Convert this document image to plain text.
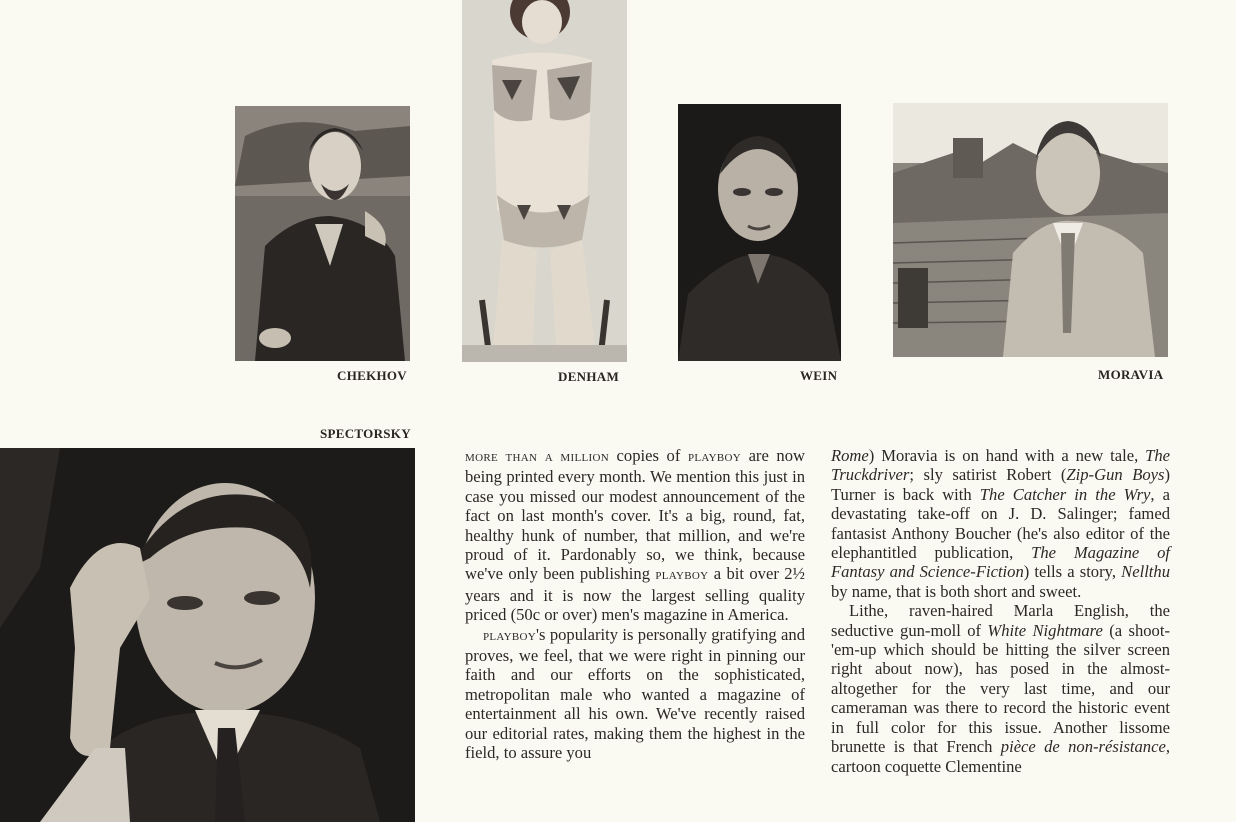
CHEKHOV	DENHAM	WEIN	MORAVIA
SPECTORSKY

more than a million copies of playboy are now being printed every month. We mention this just in case you missed our modest announcement of the fact on last month's cover. It's a big, round, fat, healthy hunk of number, that million, and we're proud of it. Pardonably so, we think, because we've only been publishing playboy a bit over 2½ years and it is now the largest selling quality priced (50c or over) men's magazine in America.

playboy's popularity is personally gratifying and proves, we feel, that we were right in pinning our faith and our efforts on the sophisticated, metropolitan male who wanted a magazine of entertainment all his own. We've recently raised our editorial rates, making them the highest in the field, to assure you

Rome) Moravia is on hand with a new tale, The Truckdriver; sly satirist Robert (Zip-Gun Boys) Turner is back with The Catcher in the Wry, a devastating take-off on J. D. Salinger; famed fantasist Anthony Boucher (he's also editor of the elephantitled publication, The Magazine of Fantasy and Science-Fiction) tells a story, Nellthu by name, that is both short and sweet.

Lithe, raven-haired Marla English, the seductive gun-moll of White Nightmare (a shoot-'em-up which should be hitting the silver screen right about now), has posed in the almost-altogether for the very last time, and our cameraman was there to record the historic event in full color for this issue. Another lissome brunette is that French pièce de non-résistance, cartoon coquette Clementine
